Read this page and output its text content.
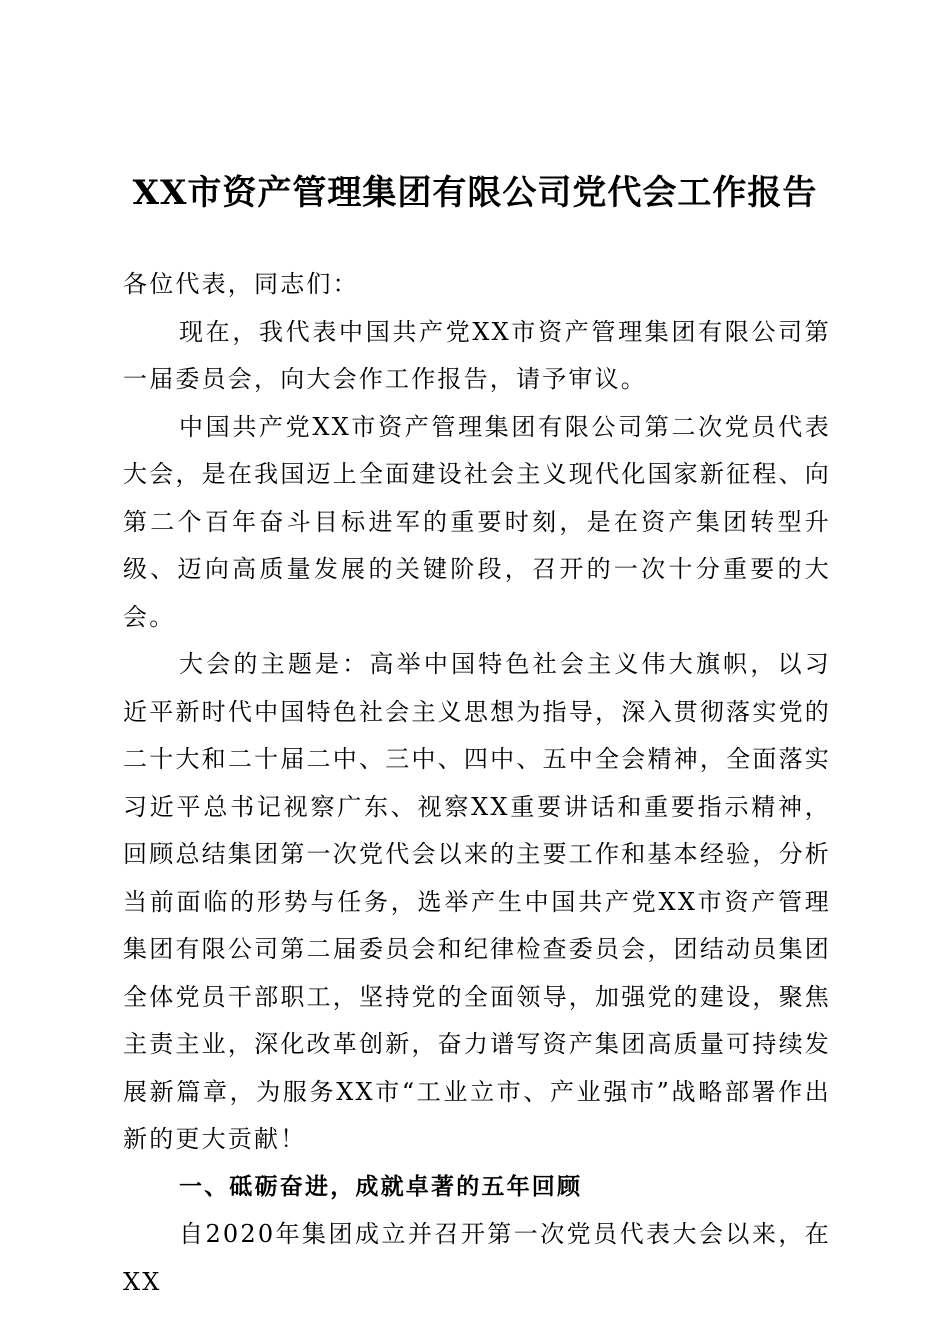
XX市资产管理集团有限公司党代会工作报告

各位代表，同志们：

现在，我代表中国共产党XX市资产管理集团有限公司第一届委员会，向大会作工作报告，请予审议。

中国共产党XX市资产管理集团有限公司第二次党员代表大会，是在我国迈上全面建设社会主义现代化国家新征程、向第二个百年奋斗目标进军的重要时刻，是在资产集团转型升级、迈向高质量发展的关键阶段，召开的一次十分重要的大会。

大会的主题是：高举中国特色社会主义伟大旗帜，以习近平新时代中国特色社会主义思想为指导，深入贯彻落实党的二十大和二十届二中、三中、四中、五中全会精神，全面落实习近平总书记视察广东、视察XX重要讲话和重要指示精神，回顾总结集团第一次党代会以来的主要工作和基本经验，分析当前面临的形势与任务，选举产生中国共产党XX市资产管理集团有限公司第二届委员会和纪律检查委员会，团结动员集团全体党员干部职工，坚持党的全面领导，加强党的建设，聚焦主责主业，深化改革创新，奋力谱写资产集团高质量可持续发展新篇章，为服务XX市“工业立市、产业强市”战略部署作出新的更大贡献！

一、砥砺奋进，成就卓著的五年回顾

自2020年集团成立并召开第一次党员代表大会以来，在XX
